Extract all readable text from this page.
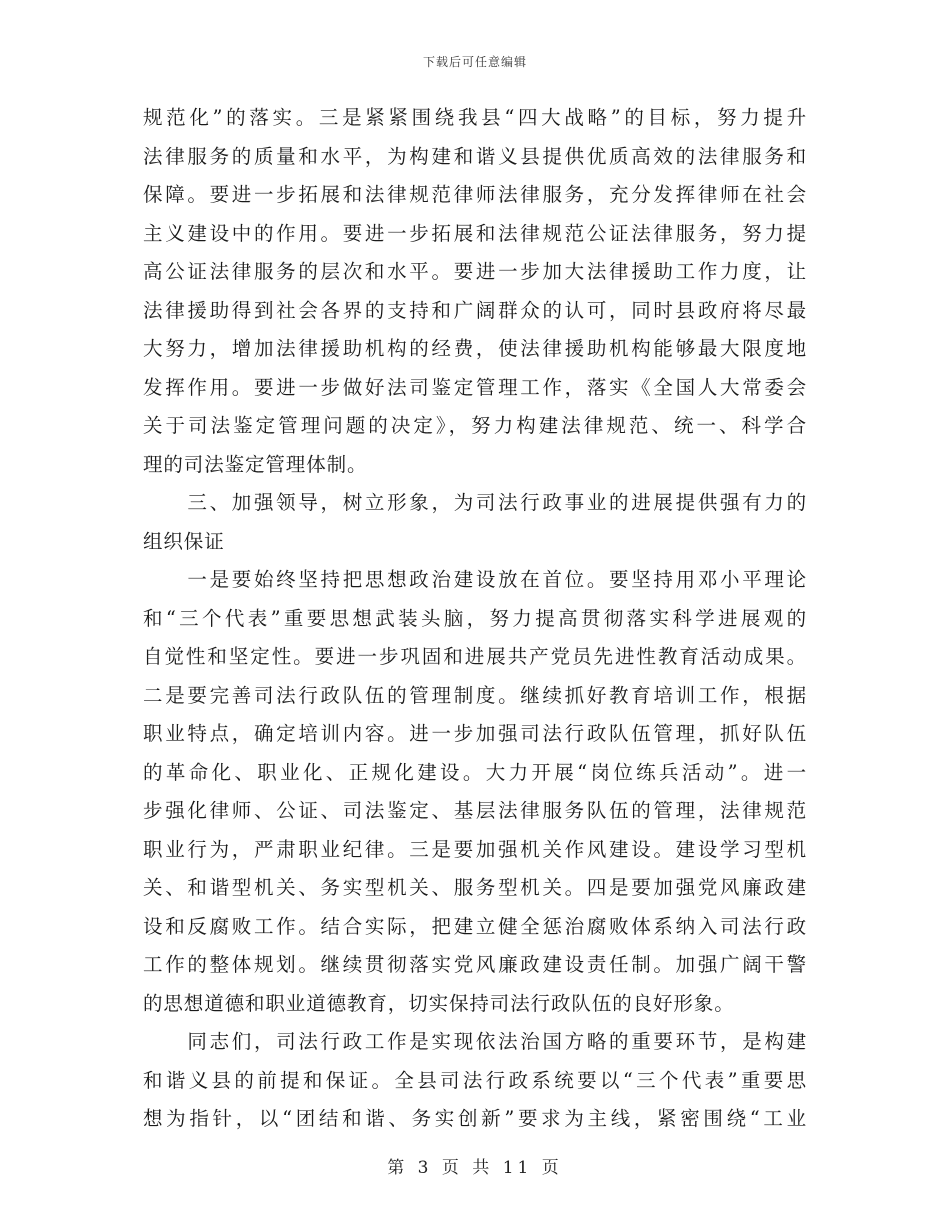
下载后可任意编辑
规范化”的落实。三是紧紧围绕我县“四大战略”的目标，努力提升
法律服务的质量和水平，为构建和谐义县提供优质高效的法律服务和
保障。要进一步拓展和法律规范律师法律服务，充分发挥律师在社会
主义建设中的作用。要进一步拓展和法律规范公证法律服务，努力提
高公证法律服务的层次和水平。要进一步加大法律援助工作力度，让
法律援助得到社会各界的支持和广阔群众的认可，同时县政府将尽最
大努力，增加法律援助机构的经费，使法律援助机构能够最大限度地
发挥作用。要进一步做好法司鉴定管理工作，落实《全国人大常委会
关于司法鉴定管理问题的决定》，努力构建法律规范、统一、科学合
理的司法鉴定管理体制。
　　三、加强领导，树立形象，为司法行政事业的进展提供强有力的
组织保证
　　一是要始终坚持把思想政治建设放在首位。要坚持用邓小平理论
和“三个代表”重要思想武装头脑，努力提高贯彻落实科学进展观的
自觉性和坚定性。要进一步巩固和进展共产党员先进性教育活动成果。
二是要完善司法行政队伍的管理制度。继续抓好教育培训工作，根据
职业特点，确定培训内容。进一步加强司法行政队伍管理，抓好队伍
的革命化、职业化、正规化建设。大力开展“岗位练兵活动”。进一
步强化律师、公证、司法鉴定、基层法律服务队伍的管理，法律规范
职业行为，严肃职业纪律。三是要加强机关作风建设。建设学习型机
关、和谐型机关、务实型机关、服务型机关。四是要加强党风廉政建
设和反腐败工作。结合实际，把建立健全惩治腐败体系纳入司法行政
工作的整体规划。继续贯彻落实党风廉政建设责任制。加强广阔干警
的思想道德和职业道德教育，切实保持司法行政队伍的良好形象。
　　同志们，司法行政工作是实现依法治国方略的重要环节，是构建
和谐义县的前提和保证。全县司法行政系统要以“三个代表”重要思
想为指针，以“团结和谐、务实创新”要求为主线，紧密围绕“工业
第 3 页 共 11 页
